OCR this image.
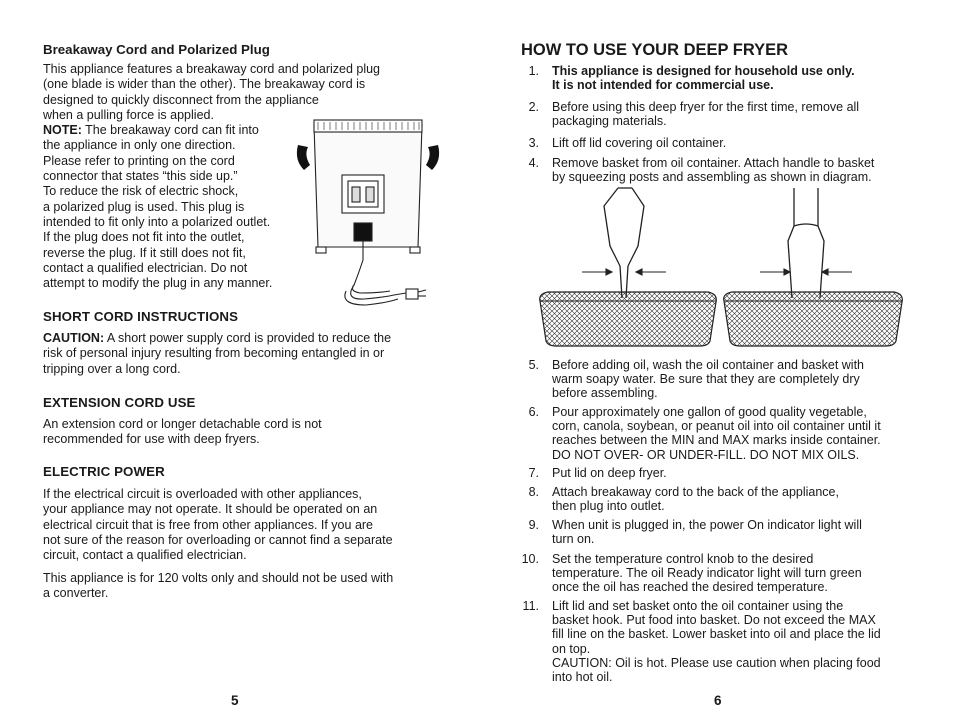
Breakaway Cord and Polarized Plug
This appliance features a breakaway cord and polarized plug
(one blade is wider than the other). The breakaway cord is
designed to quickly disconnect from the appliance
when a pulling force is applied.
NOTE: The breakaway cord can fit into
the appliance in only one direction.
Please refer to printing on the cord
connector that states “this side up.”
To reduce the risk of electric shock,
a polarized plug is used. This plug is
intended to fit only into a polarized outlet.
If the plug does not fit into the outlet,
reverse the plug. If it still does not fit,
contact a qualified electrician. Do not
attempt to modify the plug in any manner.
SHORT CORD INSTRUCTIONS
CAUTION: A short power supply cord is provided to reduce the
risk of personal injury resulting from becoming entangled in or
tripping over a long cord.
EXTENSION CORD USE
An extension cord or longer detachable cord is not
recommended for use with deep fryers.
ELECTRIC POWER
If the electrical circuit is overloaded with other appliances,
your appliance may not operate. It should be operated on an
electrical circuit that is free from other appliances. If you are
not sure of the reason for overloading or cannot find a separate
circuit, contact a qualified electrician.
This appliance is for 120 volts only and should not be used with
a converter.
5
HOW TO USE YOUR DEEP FRYER
1. This appliance is designed for household use only.
It is not intended for commercial use.
2. Before using this deep fryer for the first time, remove all
packaging materials.
3. Lift off lid covering oil container.
4. Remove basket from oil container. Attach handle to basket
by squeezing posts and assembling as shown in diagram.
5. Before adding oil, wash the oil container and basket with
warm soapy water. Be sure that they are completely dry
before assembling.
6. Pour approximately one gallon of good quality vegetable,
corn, canola, soybean, or peanut oil into oil container until it
reaches between the MIN and MAX marks inside container.
DO NOT OVER- OR UNDER-FILL. DO NOT MIX OILS.
7. Put lid on deep fryer.
8. Attach breakaway cord to the back of the appliance,
then plug into outlet.
9. When unit is plugged in, the power On indicator light will
turn on.
10. Set the temperature control knob to the desired
temperature. The oil Ready indicator light will turn green
once the oil has reached the desired temperature.
11. Lift lid and set basket onto the oil container using the
basket hook. Put food into basket. Do not exceed the MAX
fill line on the basket. Lower basket into oil and place the lid
on top.
CAUTION: Oil is hot. Please use caution when placing food
into hot oil.
6
